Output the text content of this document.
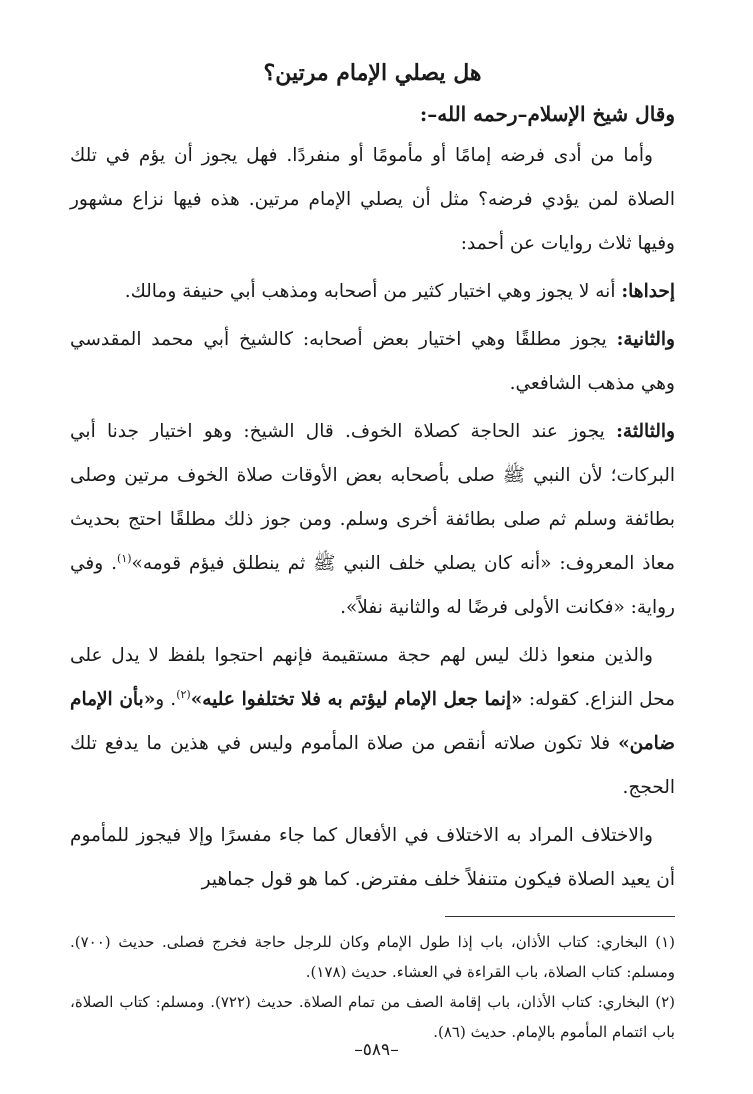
هل يصلي الإمام مرتين؟

وقال شيخ الإسلام–رحمه الله–:

وأما من أدى فرضه إمامًا أو مأمومًا أو منفردًا. فهل يجوز أن يؤم في تلك الصلاة لمن يؤدي فرضه؟ مثل أن يصلي الإمام مرتين. هذه فيها نزاع مشهور وفيها ثلاث روايات عن أحمد:

إحداها: أنه لا يجوز وهي اختيار كثير من أصحابه ومذهب أبي حنيفة ومالك.

والثانية: يجوز مطلقًا وهي اختيار بعض أصحابه: كالشيخ أبي محمد المقدسي وهي مذهب الشافعي.

والثالثة: يجوز عند الحاجة كصلاة الخوف. قال الشيخ: وهو اختيار جدنا أبي البركات؛ لأن النبي ﷺ صلى بأصحابه بعض الأوقات صلاة الخوف مرتين وصلى بطائفة وسلم ثم صلى بطائفة أخرى وسلم. ومن جوز ذلك مطلقًا احتج بحديث معاذ المعروف: «أنه كان يصلي خلف النبي ﷺ ثم ينطلق فيؤم قومه»$^{(١)}$. وفي رواية: «فكانت الأولى فرضًا له والثانية نفلاً».

والذين منعوا ذلك ليس لهم حجة مستقيمة فإنهم احتجوا بلفظ لا يدل على محل النزاع. كقوله: «إنما جعل الإمام ليؤتم به فلا تختلفوا عليه»$^{(٢)}$. و«بأن الإمام ضامن» فلا تكون صلاته أنقص من صلاة المأموم وليس في هذين ما يدفع تلك الحجج.

والاختلاف المراد به الاختلاف في الأفعال كما جاء مفسرًا وإلا فيجوز للمأموم أن يعيد الصلاة فيكون متنفلاً خلف مفترض. كما هو قول جماهير

(١) البخاري: كتاب الأذان، باب إذا طول الإمام وكان للرجل حاجة فخرج فصلى. حديث (٧٠٠). ومسلم: كتاب الصلاة، باب القراءة في العشاء. حديث (١٧٨).

(٢) البخاري: كتاب الأذان، باب إقامة الصف من تمام الصلاة. حديث (٧٢٢). ومسلم: كتاب الصلاة، باب ائتمام المأموم بالإمام. حديث (٨٦).

–٥٨٩–
